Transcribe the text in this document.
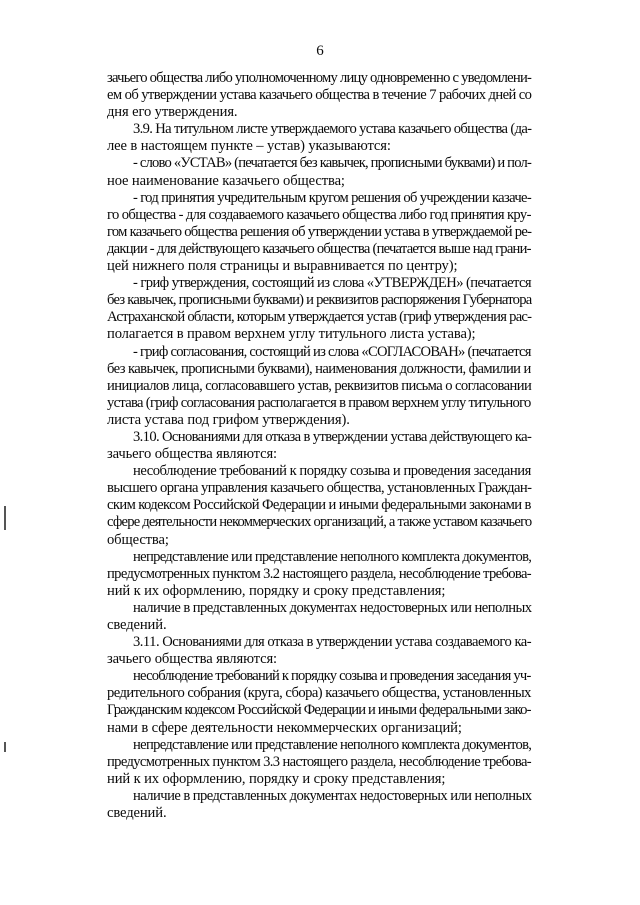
6
зачьего общества либо уполномоченному лицу одновременно с уведомлени-
ем об утверждении устава казачьего общества в течение 7 рабочих дней со
дня его утверждения.
3.9. На титульном листе утверждаемого устава казачьего общества (да-
лее в настоящем пункте – устав) указываются:
- слово «УСТАВ» (печатается без кавычек, прописными буквами) и пол-
ное наименование казачьего общества;
- год принятия учредительным кругом решения об учреждении казаче-
го общества - для создаваемого казачьего общества либо год принятия кру-
гом казачьего общества решения об утверждении устава в утверждаемой ре-
дакции - для действующего казачьего общества (печатается выше над грани-
цей нижнего поля страницы и выравнивается по центру);
- гриф утверждения, состоящий из слова «УТВЕРЖДЕН» (печатается
без кавычек, прописными буквами) и реквизитов распоряжения Губернатора
Астраханской области, которым утверждается устав (гриф утверждения рас-
полагается в правом верхнем углу титульного листа устава);
- гриф согласования, состоящий из слова «СОГЛАСОВАН» (печатается
без кавычек, прописными буквами), наименования должности, фамилии и
инициалов лица, согласовавшего устав, реквизитов письма о согласовании
устава (гриф согласования располагается в правом верхнем углу титульного
листа устава под грифом утверждения).
3.10. Основаниями для отказа в утверждении устава действующего ка-
зачьего общества являются:
несоблюдение требований к порядку созыва и проведения заседания
высшего органа управления казачьего общества, установленных Граждан-
ским кодексом Российской Федерации и иными федеральными законами в
сфере деятельности некоммерческих организаций, а также уставом казачьего
общества;
непредставление или представление неполного комплекта документов,
предусмотренных пунктом 3.2 настоящего раздела, несоблюдение требова-
ний к их оформлению, порядку и сроку представления;
наличие в представленных документах недостоверных или неполных
сведений.
3.11. Основаниями для отказа в утверждении устава создаваемого ка-
зачьего общества являются:
несоблюдение требований к порядку созыва и проведения заседания уч-
редительного собрания (круга, сбора) казачьего общества, установленных
Гражданским кодексом Российской Федерации и иными федеральными зако-
нами в сфере деятельности некоммерческих организаций;
непредставление или представление неполного комплекта документов,
предусмотренных пунктом 3.3 настоящего раздела, несоблюдение требова-
ний к их оформлению, порядку и сроку представления;
наличие в представленных документах недостоверных или неполных
сведений.
